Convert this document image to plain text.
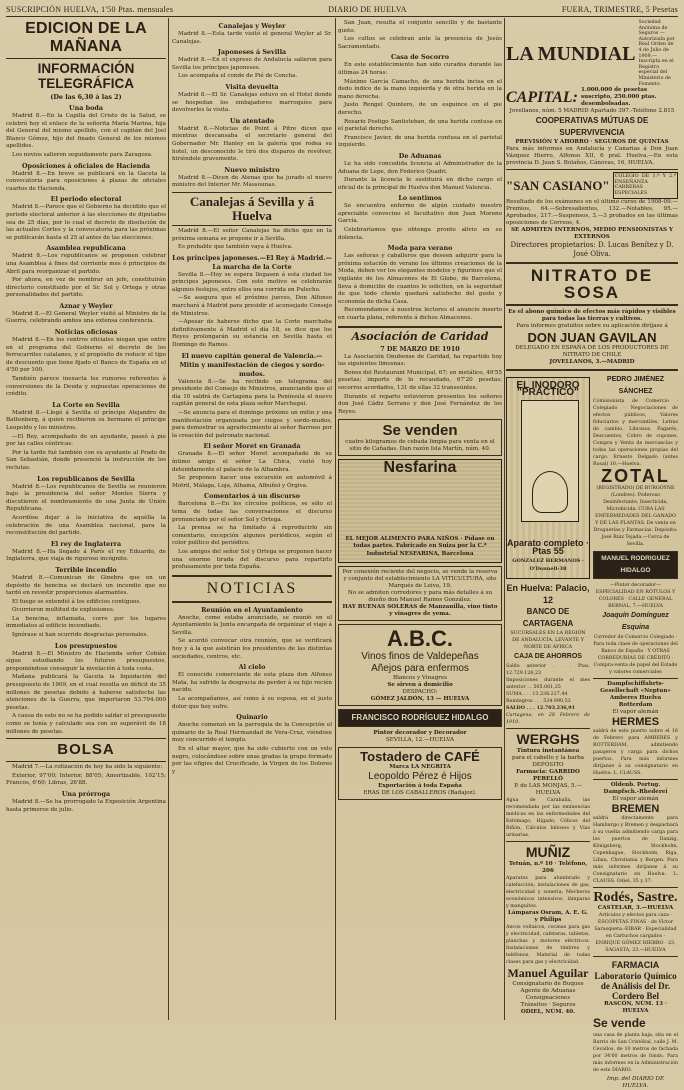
SUSCRIPCIÓN HUELVA, 1'50 Ptas. mensuales	DIARIO DE HUELVA	FUERA, TRIMESTRE, 5 Pesetas
EDICION DE LA MAÑANA
INFORMACIÓN TELEGRÁFICA
(De las 6,30 á las 2)
Una boda

Madrid 8.—En la Capilla del Cristo de la Salud, se celebró hoy el enlace de la señorita María Marina, hija del General del mismo apellido, con el capitán del Joel Blanco Gómez, hijo del finado General de los mismos apellidos.

Los novios salieron seguidamente para Zaragoza.

Oposiciones á oficiales de Hacienda

Madrid 8.—En breve se publicará en la Gaceta la convocatoria para oposiciones á plazas de oficiales cuartos de Hacienda.

El periodo electoral

Madrid 8.—Parece que el Gobierno ha decidido que el periodo electoral anterior á las elecciones de diputados sea de 25 días, por lo cual el decreto de disolución de las actuales Cortes y la convocatoria para las próximas se publicarán hasta el 25 al antes de las elecciones.

Asamblea republicana

Madrid 8.—Los republicanos se proponen celebrar una Asamblea á fines del corriente mes ó principios de Abril para reorganizar el partido.

Por ahora, en vez de nombrar un jefe, constituirán directorio constituido por el Sr. Sol y Ortega y otras personalidades del partido.

Aznar y Weyler

Madrid 8.—El General Weyler visitó al Ministro de la Guerra, celebrando ambos una extensa conferencia.

Noticias oficiosas

Madrid 8.—En los centros oficiales niegan que entre en el programa del Gobierno el decreto de los ferrocarriles catalanes, y el propósito de reducir el tipo de descuento que tiene fijado el Banco de España en el 4'50 por 100.

También parece inexacta los rumores referentes á conversiones de la Deuda y supuestas operaciones de crédito.

La Corte en Sevilla

Madrid 8.—Llegó á Sevilla el príncipe Alejandro de Battenberg, á quien recibieron su hermano el príncipe Leopoldo y los ministros.

—El Rey, acompañado de un ayudante, paseó á pie por las calles céntricas.

Por la tarde fué también con su ayudante al Prado de San Sebastián, donde presenció la instrucción de los reclutas.

Los republicanos de Sevilla

Madrid 8.—Los republicanos de Sevilla se reunieron bajo la presidencia del señor Montes Sierra y discutieron el nombramiento de una Junta de Unión Republicana.

Acordóse dejar á la iniciativa de aquélla la celebración de una Asamblea nacional, para la reconstitución del partido.

El rey de Inglaterra

Madrid 8.—Ha llegado á París el rey Eduardo, de Inglaterra, que viaja de riguroso incógnito.

Terrible incendio

Madrid 8.—Comunican de Ginebra que en un depósito de bencina se declaró un incendio que no tardó en revestir proporciones alarmantes.

El fuego se extendió á los edificios contiguos.

Ocurrieron multitud de explosiones.

La bencina, inflamada, corre por los lugares inmediatos al edificio incendiado.

Ignórase si han ocurrido desgracias personales.

Los presupuestos

Madrid 8.—El Ministro de Hacienda señor Cobián sigue estudiando los futuros presupuestos, proponiéndose conseguir la nivelación á toda costa.

Mañana publicará la Gaceta la liquidación del presupuesto de 1909, en el cual resulta un déficit de 35 millones de pesetas debido á haberse satisfecho las atenciones de la Guerra, que importaron 53.794.000 pesetas.

A causa de esto no se ha podido saldar el presupuesto como se tenía y calculado sea con un superávit de 18 millones de pesetas.

BOLSA

Madrid 7.—La cotización de hoy ha sido la siguiente:

Exterior, 97'00; Interior, 88'05; Amortizable, 102'15; Francos, 6'60; Libras, 26'88.

Una prórroga

Madrid 8.—Se ha prorrogado la Exposición Argentina hasta primeros de julio.

Canalejas y Weyler

Madrid 8.—Esta tarde visitó el general Weyler al Sr. Canalejas.

Japoneses á Sevilla

Madrid 8.—En el expreso de Andalucía salieron para Sevilla los príncipes japoneses.

Los acompaña el conde de Pié de Concha.

Visita devuelta

Madrid 8.—El Sr. Canalejas estuvo en el Hotel donde se hospedan los embajadores marroquíes para devolverles la visita.

Un atentado

Madrid 8.—Noticias de Point á Pitre dicen que mientras descansaba el secretario general del Gobernador Mr. Hanley en la galería que rodea su hotel, un desconocido le tiró dos disparos de revólver, hiriéndole gravemente.

Nuevo ministro

Madrid 8.—Dicen de Atenas que ha jurado el nuevo ministro del Interior Mr. Massounas.

Canalejas á Sevilla y á Huelva

Madrid 8.—El señor Canalejas ha dicho que en la próxima semana se propone ir á Sevilla.

Es probable que también vaya á Huelva.

Los príncipes japoneses.—El Rey á Madrid.—La marcha de la Corte

Sevilla 8.—Hoy se espera llegasen á esta ciudad los príncipes japoneses. Con este motivo se celebrarán algunos festejos, entre ellos una corrida en Pulecho.

—Se asegura que el próximo jueves, Don Alfonso marchará á Madrid para presidir el aconsejado Consejo de Ministros.

—Apesar de haberse dicho que la Corte marchaba definitivamente á Madrid el día 18, se dice que los Reyes prolongarán su estancia en Sevilla hasta el Domingo de Ramos.

El nuevo capitán general de Valencia.—Mitin y manifestación de ciegos y sordo-mudos.

Valencia 8.—Se ha recibido un telegrama del presidente del Consejo de Ministros, anunciando que el día 10 saldrá de Cartagena para la Península el nuevo capitán general de esta plaza señor Marchegui.

—Se anuncia para el domingo próximo un mitin y una manifestación organizada por ciegos y sordo-mudos, para demostrar su agradecimiento al señor Barroso por la creación del patronato nacional.

El señor Moret en Granada

Granada 8.—El señor Moret acompañado de su íntimo amigo el señor La Chica, visitó hoy detenidamente el palacio de la Alhambra.

Se proponen hacer una excursión en automóvil á Motril, Málaga, Loja, Alhama, Albuñol y Órgiva.

Comentarios á un discurso

Barcelona 8.—En los círculos políticos, se sólo el tema de todas las conversaciones el discurso pronunciado por el señor Sol y Ortega.

La prensa se ha limitado á reproducirlo sin comentario, excepción algunos periódicos, según el color político del periódico.

Los amigos del señor Sol y Ortega se proponen hacer una enorme tirada del discurso para repartirlo profusamente por toda España.

NOTICIAS
Reunión en el Ayuntamiento

Anoche, como estaba anunciado, se reunió en el Ayuntamiento la Junta encargada de organizar el viaje á Sevilla.

Se acordó convocar otra reunión, que se verificará hoy y á la que asistirán los presidentes de las distintas sociedades, centros, etc.

Al cielo

El conocido comerciante de esta plaza don Alfonso Mata, ha sufrido la desgracia de perder á su hijo recién nacido.

La acompañamos, así como á su esposa, en el justo dolor que hoy sufre.

Quinario

Anoche comenzó en la parroquia de la Concepción el quinario de la Real Hermandad de Vera-Cruz, viéndose muy concurrido el templo.

En el altar mayor, que ha sido cubierto con un velo negro, colocándose sobre unas gradas la grupo formado por las efigies del Crucificado, la Virgen de los Dolores y

San Juan, resulta el conjunto sencillo y de bastante gusto.

Los cultos se celebran ante la presencia de Jesús Sacramentado.

Casa de Socorro

En este establecimiento han sido curados durante las últimas 24 horas:

Máximo García Camacho, de una herida incisa en el dedo índice de la mano izquierda y de otra herida en la mano derecha.

Justo Rengel Quintero, de un esguince en el pie derecho.

Rosario Postigo Santisteban, de una herida contusa en el parietal derecho.

Francisco Javier, de una herida contusa en el parietal izquierdo.

De Aduanas

Le ha sido concedida licencia al Administrador de la Aduana de Lepe, don Federico Quadri.

Durante la licencia le sustituirá en dicho cargo el oficial de la principal de Huelva don Manuel Valencia.

Lo sentimos

Se encuentra enfermo de algún cuidado nuestro apreciable convecino el facultativo don Juan Moreno García.

Celebraríamos que obtenga pronto alivio en su dolencia.

Moda para verano

Las señoras y caballeros que deseen adquirir para la próxima estación de verano los últimos creaciones de la Moda, deben ver los elegantes modelos y figurines que el vigilante de los Almacenes de El Globo, de Barcelona, lleva á domicilio de cuantos lo soliciten, en la seguridad de que todo cliente quedará satisfecho del gusto y economía de dicha Casa.

Recomendamos á nuestros lectores el anuncio inserto en cuarta plana, referente á dichos Almacenes.

Asociación de Caridad
7 DE MARZO DE 1910

La Asociación Onubense de Caridad, ha repartido hoy las siguientes limosnas:

Bonos del Restaurant Municipal, 67; en metálico, 49'55 pesetas; importe de lo recaudado, 67'20 pesetas; socorros acordados, 131 de ellas 32 transeúntes.

Durante el reparto estuvieron presentes los señores don José Cádiz Serrano y don José Fernández de los Reyes.

Se venden
cuatro kilogramos de cebada limpia para venta en el sitio de Cañadas. Dan razón Isla Martín, núm. 40.
Nesfarina
EL MEJOR ALIMENTO PARA NIÑOS · Pídase en todas partes. Fabricado en Suiza por la C.ª Industrial NESFARINA, Barcelona
Por conexión reciente del negocio, se vende la reserva y conjunto del establecimiento LA VITICULTURA, sito Marqués de Leiva, 19.
No se admiten corredores y para más detalles á su dueño don Manuel Ramos González.
HAY BUENAS SOLERAS de Manzanilla, vino tinto y vinagres de yema.
A.B.C.
Vinos finos de Valdepeñas
Añejos para enfermos
Blancos y Vinagres
Se sirven á domicilio
DESPACHO:
GÓMEZ JALDÓN, 13 — HUELVA
FRANCISCO RODRÍGUEZ HIDALGO
Pintor decorador y Decorador
SEVILLA, 12.—HUELVA
Tostadero de CAFÉ
Marca LA NEGRITA
Leopoldo Pérez é Hijos
Exportación á toda España
ERAS DE LOS CABALLEROS (Badajoz).
LA MUNDIAL
Sociedad Anónima de Seguros — Autorizada por Real Orden de 4 de Julio de 1909.—Inscripta en el Registro especial del Ministerio de Fomento.
CAPITAL: 1.000.000 de pesetas suscripto, 250.000 ptas. desembolsadas.
Jovellanos, núm. 5 MADRID Apartado 397.-Teléfono 2.815
COOPERATIVAS MÚTUAS DE SUPERVIVENCIA
PREVISIÓN Y AHORRO · SEGUROS DE QUINTAS
Para más informes en Andalucía y Canarias á Don Juan Vázquez Hierro, Alfonso XII, 6 pral. Huelva.—En esta provincia D. Juan S. Bolaños, Cánovas, 16, HUELVA.
"SAN CASIANO"
COLEGIO DE 1.ª Y 2.ª ENSEÑANZA · CARRERAS ESPECIALES
Resultado de los exámenes en el último curso de 1908-09.—Premios, 64.—Sobresalientes, 132.—Notables, 95.—Aprobados, 217.—Suspensos, 3.—3 probados en las últimas oposiciones de Correos, 4.
SE ADMITEN INTERNOS, MEDIO PENSIONISTAS Y EXTERNOS
Directores propietarios: D. Lucas Benítez y D. José Oliva.
NITRATO DE SOSA
Es el abono químico de efectos más rápidos y visibles para todas las tierras y cultivos.
Para informes gratuitos sobre su aplicación diríjase á
DON JUAN GAVILAN
DELEGADO EN ESPAÑA DE LOS PRODUCTORES DE NITRATO DE CHILE
JOVELLANOS, 3.—MADRID
EL INODORO "PRÁCTICO"
Aparato completo · Ptas 55
GONZALEZ HERMANOS · O'Donnell-38
En Huelva: Palacio, 12
BANCO DE CARTAGENA
SUCURSALES EN LA REGIÓN DE ANDALUCÍA, LEVANTE Y NORTE DE ÁFRICA
CAJA DE AHORROS
Saldo anterior . . . Ptas. 12.729.126,23
Imposiciones durante el mes anterior ... 505.061,25
SUMA . . . 13.238.227,44
Reintegros . . . 534.990,53
SALDO . . . 12.703.236,91
Cartagena, en 28 Febrero de 1910.
WERGHS
Tintura instantánea
para el cabello y la barba
DEPÓSITO
Farmacia: GARRIDO PERELLÓ
P. de LAS MONJAS, 5.—HUELVA
Agua de Carabaña, las recomendada por las eminencias médicas en las enfermedades del Estómago, Hígado, Cólicos del Riñón, Cálculos biliosos y Vías urinarias.
MUÑIZ
Tetuán, n.º 10 · Teléfono, 206
Aparatos para alumbrado y calefacción; instalaciones de gas, electricidad y sonería; Mecheros económicos intensivos, lámparas y manguitos.
Lámparas Osram, A. E. G. y Philips
Ancos voltaicos, cocinas para gas y electricidad, cafeteras, tabletas, planchas y motores eléctricos. Instalaciones de timbres y teléfonos. Material de todas clases para gas y electricidad.
Manuel Aguilar
Consignatario de Buques
Agente de Aduanas
Consignaciones
Tránsitos · Seguros
ODIEL, NÚM. 40.
PEDRO JIMÉNEZ SÁNCHEZ
Comisionista de Comercio · Colegiado · Negociaciones de efectos públicos, Valores fiduciarios y mercantiles, Letras de cambio, Librazos, Pagarés, Descuentos, Cobro de cupones, Compra y Venta de mercancías y todas las operaciones propias del cargo. Ernesto Delgado (antes Rosal) 10.—Huelva.
ZOTAL
(REGISTRADO) DE BURGOYNE (Londres). Poderoso Desinfectante, Insecticida, Microbicida. CURA LAS ENFERMEDADES DEL GANADO Y DE LAS PLANTAS. De venta en Droguerías y Farmacias. Depósito: José Ruiz Tejada.—Cerca de Sevilla.
MANUEL RODRIGUEZ HIDALGO
—Pintor decorador— ESPECIALIDAD EN RÓTULOS Y COLORES · CALLE GENERAL BERNAL, 7.—HUELVA
Joaquín Domínguez Esquina
Corredor de Comercio Colegiado · Para toda clase de operaciones del Banco de España · Y OTRAS CORREDURÍAS DE CRÉDITO · Compra-venta de papel del Estado y valores comerciales
Dampfschiffahrts-Gesellschaft «Neptun»
Amberes Huelva Rotterdam
El vapor alemán
HERMES
saldrá de este puerto sobre el 16 de Febrero para AMBERES y ROTTERDAM, admitiendo pasajeros y carga para dichos puertos. Para más informes diríjanse á su consignatario en Huelva: L. CLAUSS.
Oldenb. Portug. Dampfsch.-Rhederei
El vapor alemán
BREMEN
saldrá directamente para Hamburgo y Bremen y despachará á su vuelta admitiendo carga para los puertos de Danzig, Königsberg, Stockholm, Copenhague, Stockholm, Riga, Libau, Christiania y Bergen. Para más informes diríjanse á su Consignatario en Huelva: L. CLAUSS. Odiel, 35 y 37.
Rodés, Sastre.
CASTELAR, 3.—HUELVA
Artículos y efectos para caza · ESCOPETAS FINAS · de Víctor Sarasqueta.-EIBAR · Especialidad en Cartuchos cargados · ENRIQUE GÓMEZ HIERRO · 23, SAGASTA, 23.—HUELVA
FARMACIA
Laboratorio Químico de Análisis del Dr. Cordero Bel
RASCÓN, NÚM. 13 · HUELVA
Se vende
una casa de planta baja, sita en el Barrio de San Cristóbal, calle J. M. Cevallos, de 10 metros de fachada por 34'60 metros de fondo. Para más informes en la Administración de este DIARIO.
Imp. del DIARIO DE HUELVA.
